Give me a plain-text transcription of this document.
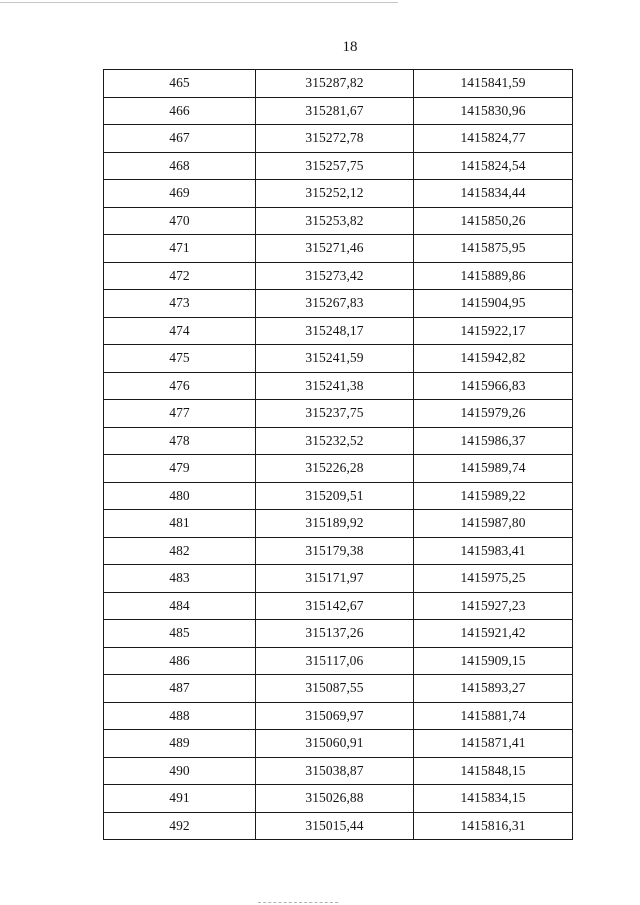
18
465	315287,82	1415841,59
466	315281,67	1415830,96
467	315272,78	1415824,77
468	315257,75	1415824,54
469	315252,12	1415834,44
470	315253,82	1415850,26
471	315271,46	1415875,95
472	315273,42	1415889,86
473	315267,83	1415904,95
474	315248,17	1415922,17
475	315241,59	1415942,82
476	315241,38	1415966,83
477	315237,75	1415979,26
478	315232,52	1415986,37
479	315226,28	1415989,74
480	315209,51	1415989,22
481	315189,92	1415987,80
482	315179,38	1415983,41
483	315171,97	1415975,25
484	315142,67	1415927,23
485	315137,26	1415921,42
486	315117,06	1415909,15
487	315087,55	1415893,27
488	315069,97	1415881,74
489	315060,91	1415871,41
490	315038,87	1415848,15
491	315026,88	1415834,15
492	315015,44	1415816,31
